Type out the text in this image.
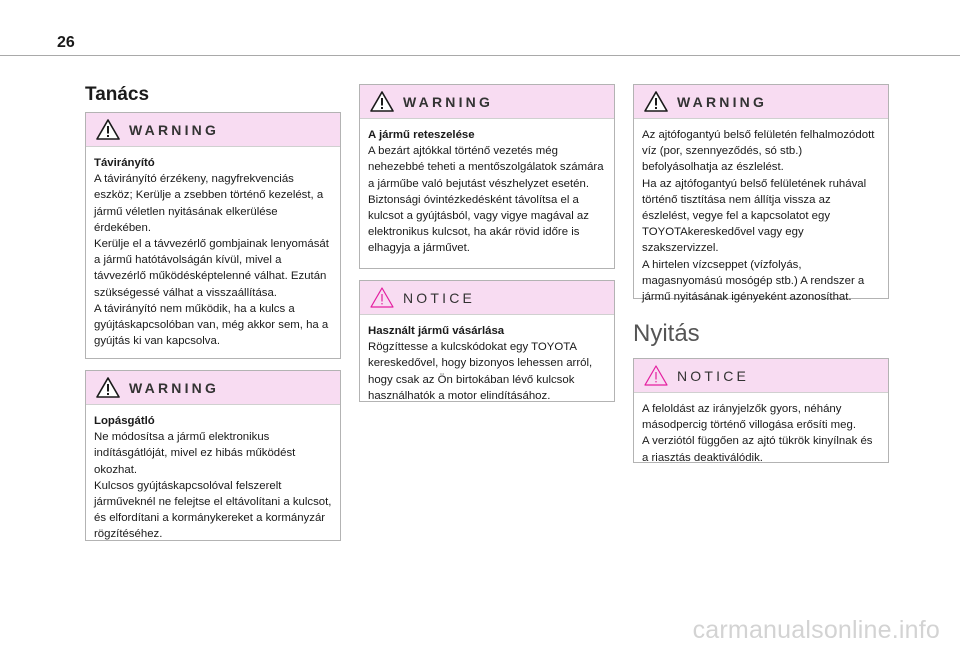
26
Tanács
WARNING
Távirányító
A távirányító érzékeny, nagyfrekvenciás eszköz; Kerülje a zsebben történő kezelést, a jármű véletlen nyitásának elkerülése érdekében.
Kerülje el a távvezérlő gombjainak lenyomását a jármű hatótávolságán kívül, mivel a távvezérlő működésképtelenné válhat. Ezután szükségessé válhat a visszaállítása.
A távirányító nem működik, ha a kulcs a gyújtáskapcsolóban van, még akkor sem, ha a gyújtás ki van kapcsolva.
WARNING
Lopásgátló
Ne módosítsa a jármű elektronikus indításgátlóját, mivel ez hibás működést okozhat.
Kulcsos gyújtáskapcsolóval felszerelt járműveknél ne felejtse el eltávolítani a kulcsot, és elfordítani a kormánykereket a kormányzár rögzítéséhez.
WARNING
A jármű reteszelése
A bezárt ajtókkal történő vezetés még nehezebbé teheti a mentőszolgálatok számára a járműbe való bejutást vészhelyzet esetén.
Biztonsági óvintézkedésként távolítsa el a kulcsot a gyújtásból, vagy vigye magával az elektronikus kulcsot, ha akár rövid időre is elhagyja a járművet.
NOTICE
Használt jármű vásárlása
Rögzíttesse a kulcskódokat egy TOYOTA kereskedővel, hogy bizonyos lehessen arról, hogy csak az Ön birtokában lévő kulcsok használhatók a motor elindításához.
WARNING
Az ajtófogantyú belső felületén felhalmozódott víz (por, szennyeződés, só stb.) befolyásolhatja az észlelést.
Ha az ajtófogantyú belső felületének ruhával történő tisztítása nem állítja vissza az észlelést, vegye fel a kapcsolatot egy TOYOTAkereskedővel vagy egy szakszervizzel.
A hirtelen vízcseppet (vízfolyás, magasnyomású mosógép stb.) A rendszer a jármű nyitásának igényeként azonosíthat.
Nyitás
NOTICE
A feloldást az irányjelzők gyors, néhány másodpercig történő villogása erősíti meg.
A verziótól függően az ajtó tükrök kinyílnak és a riasztás deaktiválódik.
carmanualsonline.info
